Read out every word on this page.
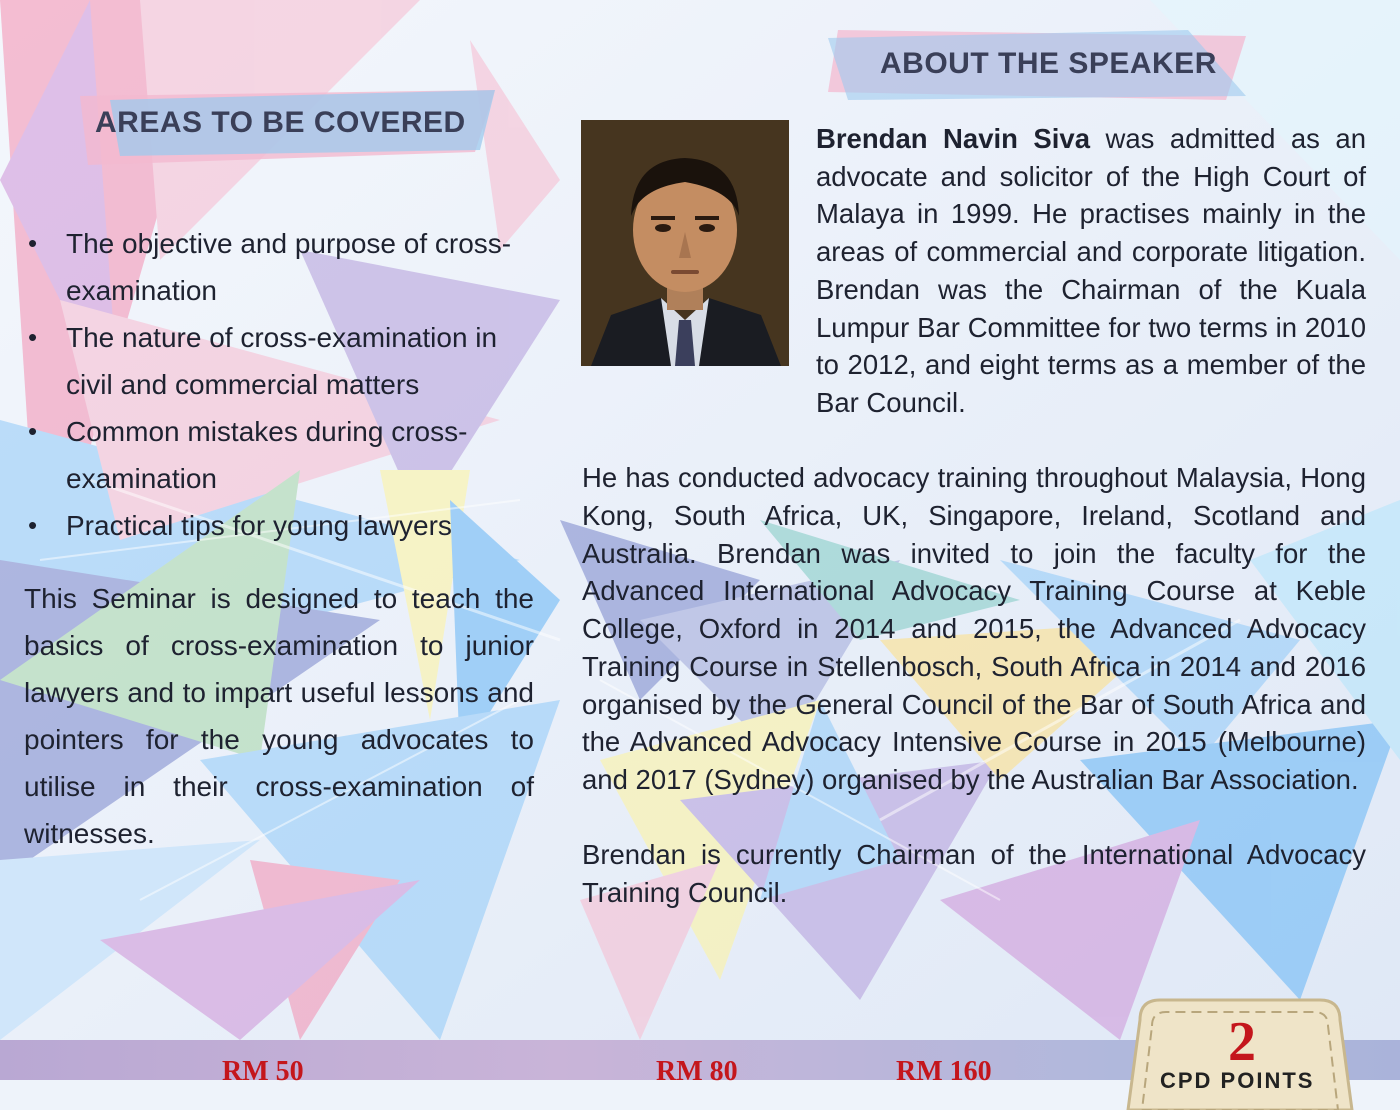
AREAS TO BE COVERED
ABOUT THE SPEAKER
• The objective and purpose of cross-examination
• The nature of cross-examination in civil and commercial matters
• Common mistakes during cross-examination
• Practical tips for young lawyers
This Seminar is designed to teach the basics of cross-examination to junior lawyers and to impart useful lessons and pointers for the young advocates to utilise in their cross-examination of witnesses.

Brendan Navin Siva was admitted as an advocate and solicitor of the High Court of Malaya in 1999. He practises mainly in the areas of commercial and corporate litigation. Brendan was the Chairman of the Kuala Lumpur Bar Committee for two terms in 2010 to 2012, and eight terms as a member of the Bar Council.

He has conducted advocacy training throughout Malaysia, Hong Kong, South Africa, UK, Singapore, Ireland, Scotland and Australia. Brendan was invited to join the faculty for the Advanced International Advocacy Training Course at Keble College, Oxford in 2014 and 2015, the Advanced Advocacy Training Course in Stellenbosch, South Africa in 2014 and 2016 organised by the General Council of the Bar of South Africa and the Advanced Advocacy Intensive Course in 2015 (Melbourne) and 2017 (Sydney) organised by the Australian Bar Association.

Brendan is currently Chairman of the International Advocacy Training Council.

RM 50	RM 80	RM 160	2
CPD POINTS
